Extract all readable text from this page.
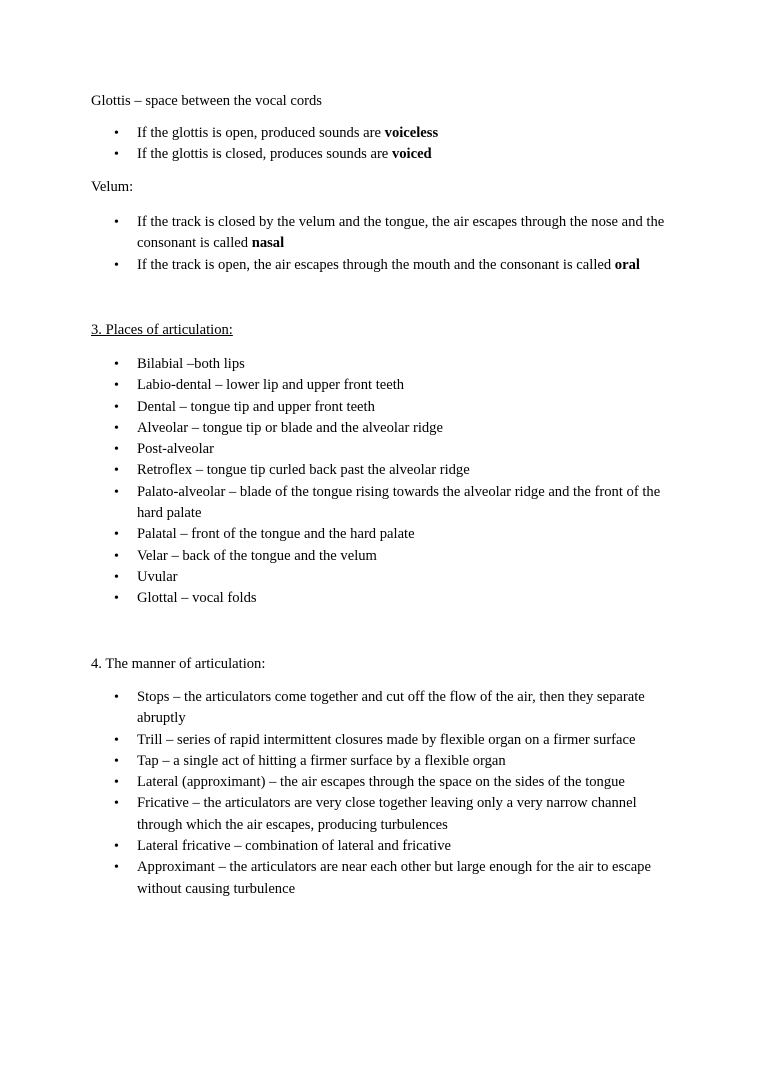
Glottis – space between the vocal cords

• If the glottis is open, produced sounds are voiceless
• If the glottis is closed, produces sounds are voiced

Velum:

• If the track is closed by the velum and the tongue, the air escapes through the nose and the consonant is called nasal
• If the track is open, the air escapes through the mouth and the consonant is called oral

3. Places of articulation:

• Bilabial –both lips
• Labio-dental – lower lip and upper front teeth
• Dental – tongue tip and upper front teeth
• Alveolar – tongue tip or blade and the alveolar ridge
• Post-alveolar
• Retroflex – tongue tip curled back past the alveolar ridge
• Palato-alveolar – blade of the tongue rising towards the alveolar ridge and the front of the hard palate
• Palatal – front of the tongue and the hard palate
• Velar – back of the tongue and the velum
• Uvular
• Glottal – vocal folds

4. The manner of articulation:

• Stops – the articulators come together and cut off the flow of the air, then they separate abruptly
• Trill – series of rapid intermittent closures made by flexible organ on a firmer surface
• Tap – a single act of hitting a firmer surface by a flexible organ
• Lateral (approximant) – the air escapes through the space on the sides of the tongue
• Fricative – the articulators are very close together leaving only a very narrow channel through which the air escapes, producing turbulences
• Lateral fricative – combination of lateral and fricative
• Approximant – the articulators are near each other but large enough for the air to escape without causing turbulence
